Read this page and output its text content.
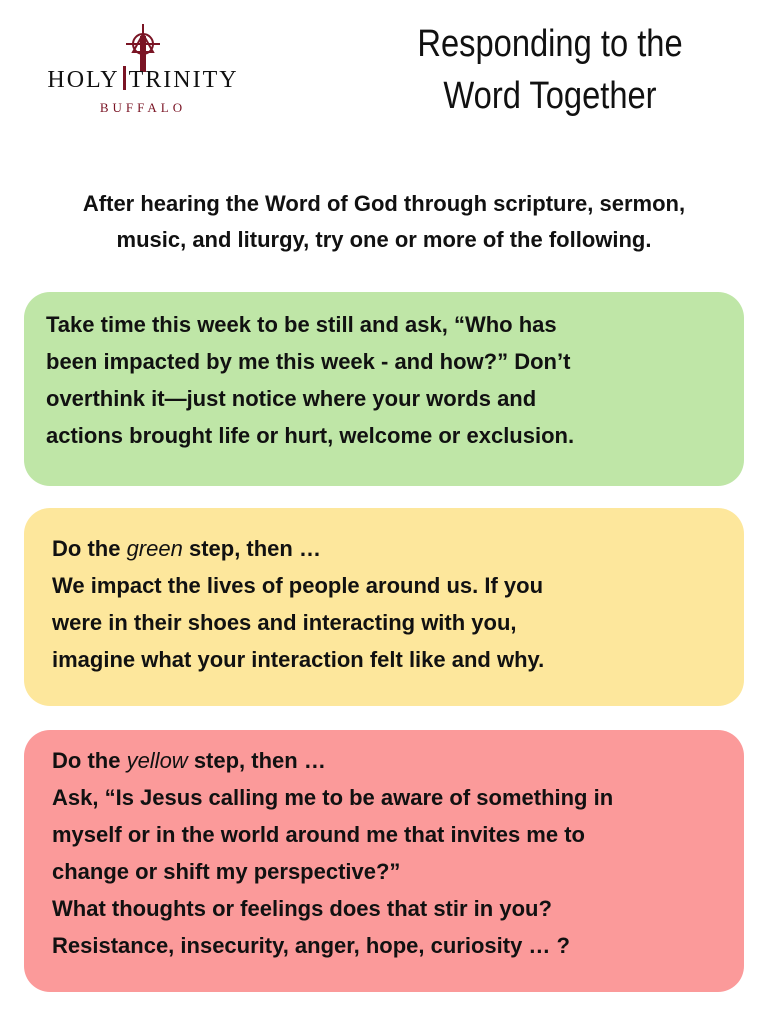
HOLY TRINITY
BUFFALO
Responding to the
Word Together
After hearing the Word of God through scripture, sermon,
music, and liturgy, try one or more of the following.

Take time this week to be still and ask, “Who has

been impacted by me this week - and how?” Don’t

overthink it—just notice where your words and

actions brought life or hurt, welcome or exclusion.

Do the green step, then …

We impact the lives of people around us. If you

were in their shoes and interacting with you,

imagine what your interaction felt like and why.

Do the yellow step, then …

Ask, “Is Jesus calling me to be aware of something in

myself or in the world around me that invites me to

change or shift my perspective?”

What thoughts or feelings does that stir in you?

Resistance, insecurity, anger, hope, curiosity … ?
